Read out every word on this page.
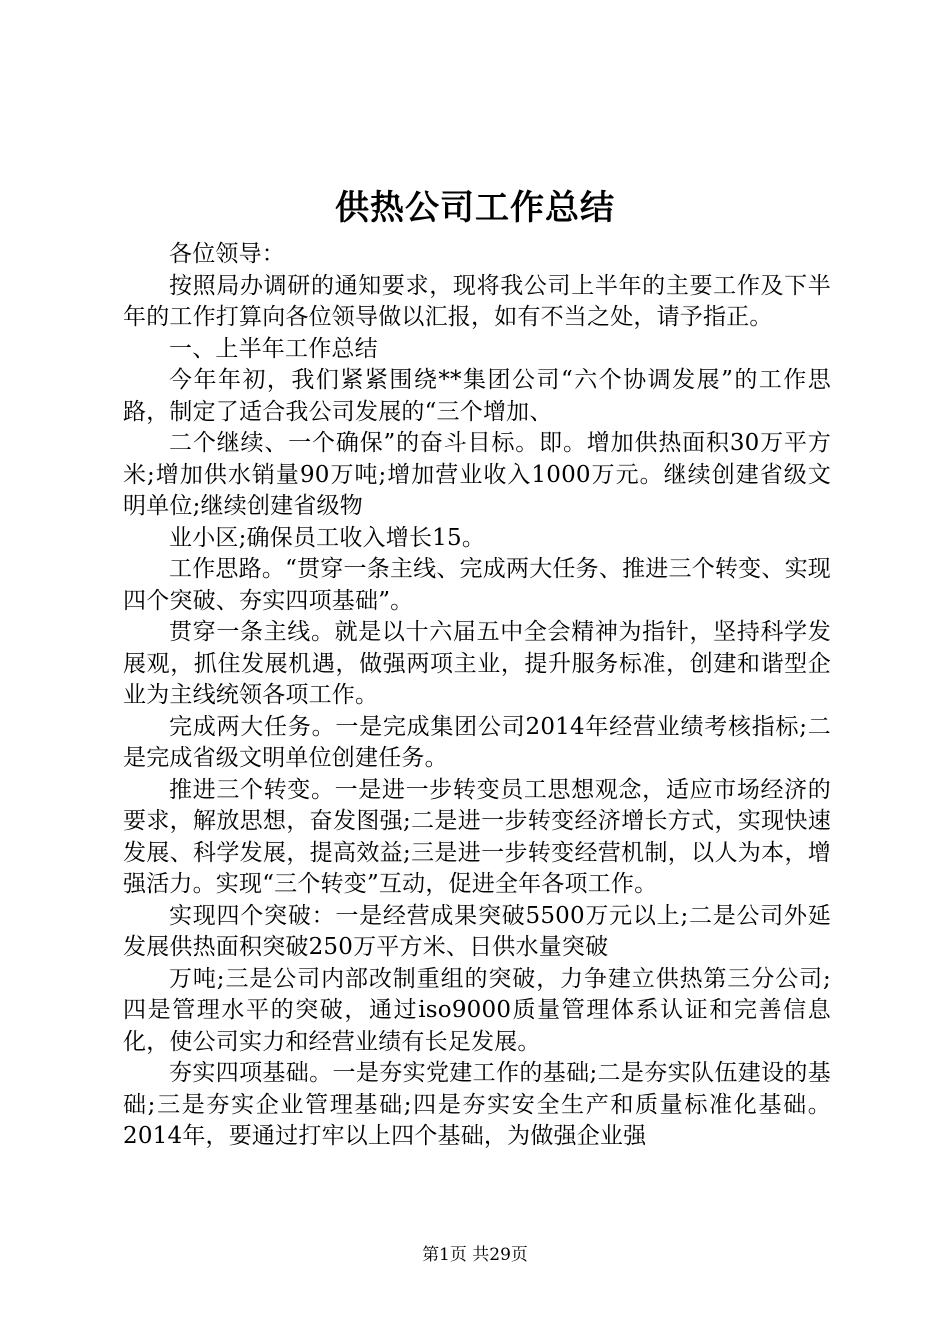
供热公司工作总结

各位领导：

按照局办调研的通知要求，现将我公司上半年的主要工作及下半年的工作打算向各位领导做以汇报，如有不当之处，请予指正。

一、上半年工作总结

今年年初，我们紧紧围绕**集团公司“六个协调发展”的工作思路，制定了适合我公司发展的“三个增加、

二个继续、一个确保”的奋斗目标。即。增加供热面积30万平方米;增加供水销量90万吨;增加营业收入1000万元。继续创建省级文明单位;继续创建省级物

业小区;确保员工收入增长15。

工作思路。“贯穿一条主线、完成两大任务、推进三个转变、实现四个突破、夯实四项基础”。

贯穿一条主线。就是以十六届五中全会精神为指针，坚持科学发展观，抓住发展机遇，做强两项主业，提升服务标准，创建和谐型企业为主线统领各项工作。

完成两大任务。一是完成集团公司2014年经营业绩考核指标;二是完成省级文明单位创建任务。

推进三个转变。一是进一步转变员工思想观念，适应市场经济的要求，解放思想，奋发图强;二是进一步转变经济增长方式，实现快速发展、科学发展，提高效益;三是进一步转变经营机制，以人为本，增强活力。实现“三个转变”互动，促进全年各项工作。

实现四个突破：一是经营成果突破5500万元以上;二是公司外延发展供热面积突破250万平方米、日供水量突破

万吨;三是公司内部改制重组的突破，力争建立供热第三分公司;四是管理水平的突破，通过iso9000质量管理体系认证和完善信息化，使公司实力和经营业绩有长足发展。

夯实四项基础。一是夯实党建工作的基础;二是夯实队伍建设的基础;三是夯实企业管理基础;四是夯实安全生产和质量标准化基础。2014年，要通过打牢以上四个基础，为做强企业强

第1页 共29页
